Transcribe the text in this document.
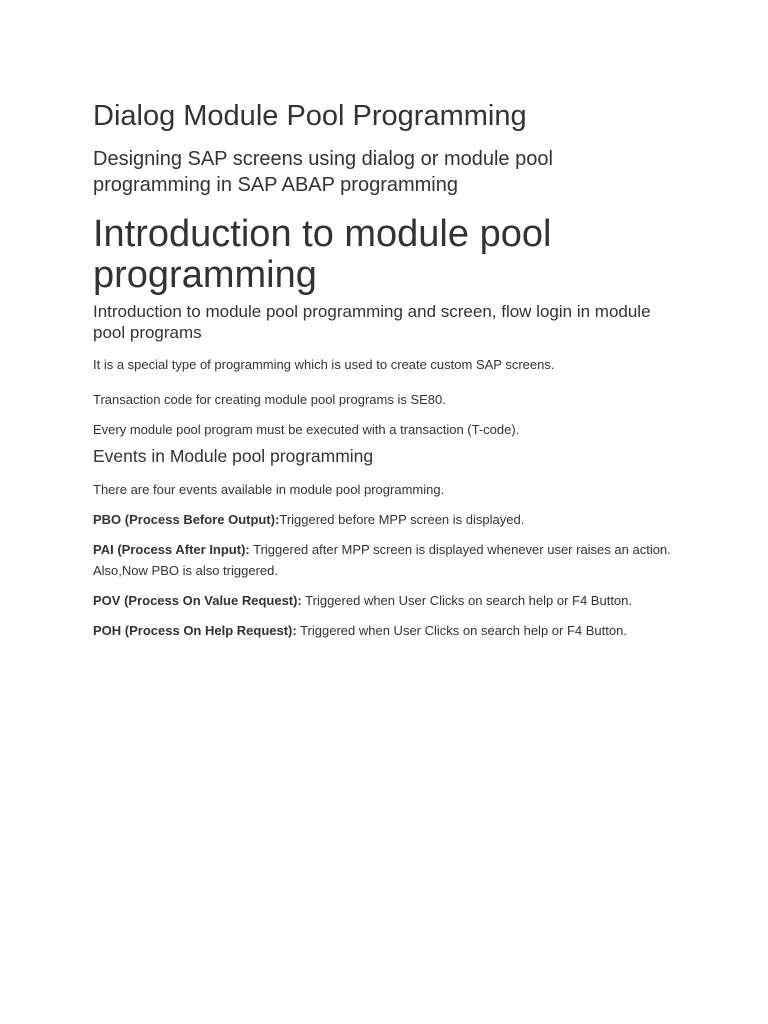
Dialog Module Pool Programming
Designing SAP screens using dialog or module pool programming in SAP ABAP programming
Introduction to module pool programming
Introduction to module pool programming and screen, flow login in module pool programs

It is a special type of programming which is used to create custom SAP screens.

Transaction code for creating module pool programs is SE80.

Every module pool program must be executed with a transaction (T-code).

Events in Module pool programming

There are four events available in module pool programming.

PBO (Process Before Output):Triggered before MPP screen is displayed.

PAI (Process After Input): Triggered after MPP screen is displayed whenever user raises an action. Also,Now PBO is also triggered.

POV (Process On Value Request): Triggered when User Clicks on search help or F4 Button.

POH (Process On Help Request): Triggered when User Clicks on search help or F4 Button.
